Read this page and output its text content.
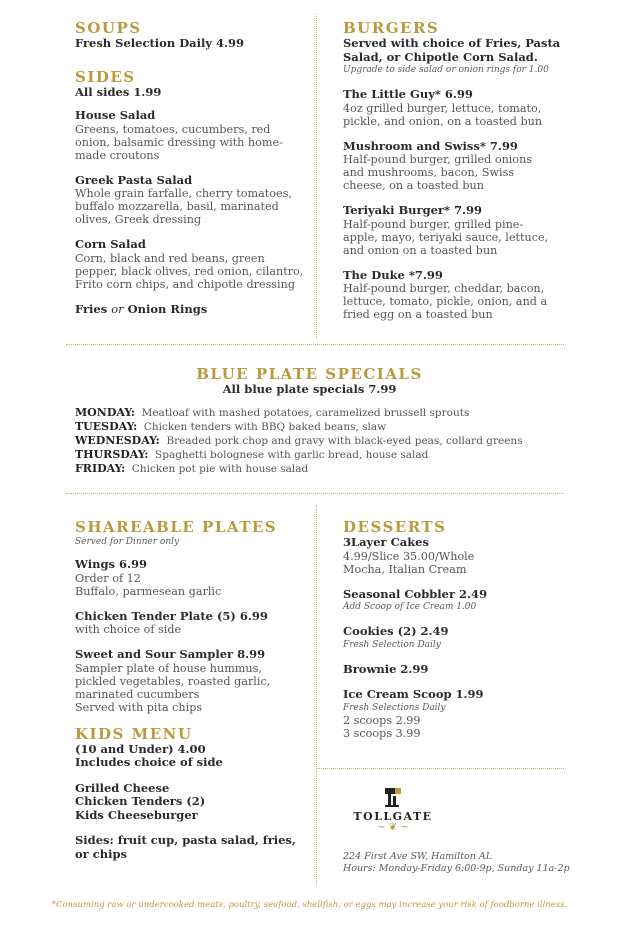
SOUPS
Fresh Selection Daily 4.99
SIDES
All sides 1.99
House Salad
Greens, tomatoes, cucumbers, red
onion, balsamic dressing with home-
made croutons
Greek Pasta Salad
Whole grain farfalle, cherry tomatoes,
buffalo mozzarella, basil, marinated
olives, Greek dressing
Corn Salad
Corn, black and red beans, green
pepper, black olives, red onion, cilantro,
Frito corn chips, and chipotle dressing
Fries or Onion Rings
BURGERS
Served with choice of Fries, Pasta
Salad, or Chipotle Corn Salad.
Upgrade to side salad or onion rings for 1.00
The Little Guy* 6.99
4oz grilled burger, lettuce, tomato,
pickle, and onion, on a toasted bun
Mushroom and Swiss* 7.99
Half-pound burger, grilled onions
and mushrooms, bacon, Swiss
cheese, on a toasted bun
Teriyaki Burger* 7.99
Half-pound burger, grilled pine-
apple, mayo, teriyaki sauce, lettuce,
and onion on a toasted bun
The Duke *7.99
Half-pound burger, cheddar, bacon,
lettuce, tomato, pickle, onion, and a
fried egg on a toasted bun
BLUE PLATE SPECIALS
All blue plate specials 7.99
MONDAY: Meatloaf with mashed potatoes, caramelized brussell sprouts
TUESDAY: Chicken tenders with BBQ baked beans, slaw
WEDNESDAY: Breaded pork chop and gravy with black-eyed peas, collard greens
THURSDAY: Spaghetti bolognese with garlic bread, house salad
FRIDAY: Chicken pot pie with house salad
SHAREABLE PLATES
Served for Dinner only
Wings 6.99
Order of 12
Buffalo, parmesean garlic
Chicken Tender Plate (5) 6.99
with choice of side
Sweet and Sour Sampler 8.99
Sampler plate of house hummus,
pickled vegetables, roasted garlic,
marinated cucumbers
Served with pita chips
KIDS MENU
(10 and Under) 4.00
Includes choice of side
Grilled Cheese
Chicken Tenders (2)
Kids Cheeseburger
Sides: fruit cup, pasta salad, fries,
or chips
DESSERTS
3Layer Cakes
4.99/Slice 35.00/Whole
Mocha, Italian Cream
Seasonal Cobbler 2.49
Add Scoop of Ice Cream 1.00
Cookies (2) 2.49
Fresh Selection Daily
Brownie 2.99
Ice Cream Scoop 1.99
Fresh Selections Daily
2 scoops 2.99
3 scoops 3.99
TOLLGATE
~ ❦ ~
224 First Ave SW, Hamilton AL
Hours: Monday-Friday 6:00-9p, Sunday 11a-2p
*Consuming raw or undercooked meats, poultry, seafood, shellfish, or eggs may increase your risk of foodborne illness.
